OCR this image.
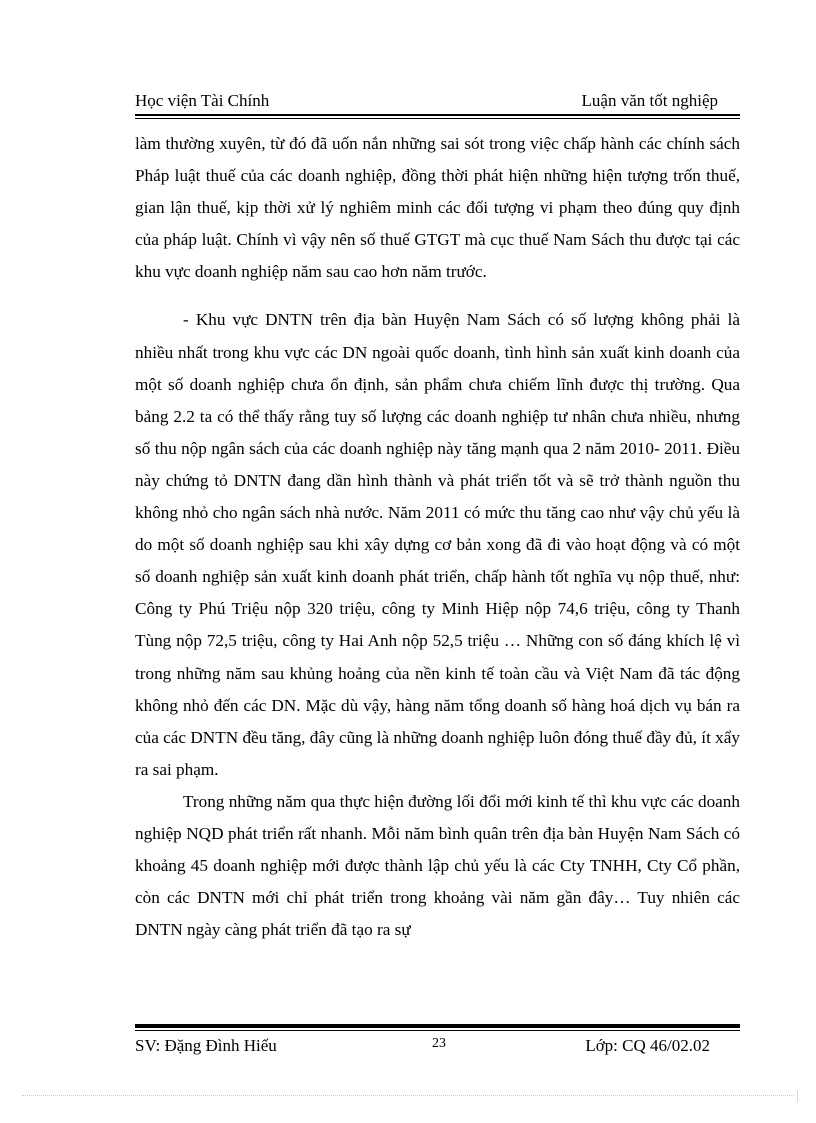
Học viện Tài Chính	Luận văn tốt nghiệp

làm thường xuyên, từ đó đã uốn nắn những sai sót trong việc chấp hành các chính sách Pháp luật thuế của các doanh nghiệp, đồng thời phát hiện những hiện tượng trốn thuế, gian lận thuế, kịp thời xử lý nghiêm minh các đối tượng vi phạm theo đúng quy định của pháp luật. Chính vì vậy nên số thuế GTGT mà cục thuế Nam Sách thu được tại các khu vực doanh nghiệp năm sau cao hơn năm trước.

- Khu vực DNTN trên địa bàn Huyện Nam Sách có số lượng không phải là nhiều nhất trong khu vực các DN ngoài quốc doanh, tình hình sản xuất kinh doanh của một số doanh nghiệp chưa ổn định, sản phẩm chưa chiếm lĩnh được thị trường. Qua bảng 2.2 ta có thể thấy rằng tuy số lượng các doanh nghiệp tư nhân chưa nhiều, nhưng số thu nộp ngân sách của các doanh nghiệp này tăng mạnh qua 2 năm 2010- 2011. Điều này chứng tỏ DNTN đang dần hình thành và phát triển tốt và sẽ trở thành nguồn thu không nhỏ cho ngân sách nhà nước. Năm 2011 có mức thu tăng cao như vậy chủ yếu là do một số doanh nghiệp sau khi xây dựng cơ bản xong đã đi vào hoạt động và có một số doanh nghiệp sản xuất kinh doanh phát triển, chấp hành tốt nghĩa vụ nộp thuế, như: Công ty Phú Triệu nộp 320 triệu, công ty Minh Hiệp nộp 74,6 triệu, công ty Thanh Tùng nộp 72,5 triệu, công ty Hai Anh nộp 52,5 triệu … Những con số đáng khích lệ vì trong những năm sau khủng hoảng của nền kinh tế toàn cầu và Việt Nam đã tác động không nhỏ đến các DN. Mặc dù vậy, hàng năm tổng doanh số hàng hoá dịch vụ bán ra của các DNTN đều tăng, đây cũng là những doanh nghiệp luôn đóng thuế đầy đủ, ít xẩy ra sai phạm.

Trong những năm qua thực hiện đường lối đổi mới kinh tế thì khu vực các doanh nghiệp NQD phát triển rất nhanh. Mỗi năm bình quân trên địa bàn Huyện Nam Sách có khoảng 45 doanh nghiệp mới được thành lập chủ yếu là các Cty TNHH, Cty Cổ phần, còn các DNTN mới chỉ phát triển trong khoảng vài năm gần đây… Tuy nhiên các DNTN ngày càng phát triển đã tạo ra sự

SV: Đặng Đình Hiếu	23	Lớp: CQ 46/02.02
